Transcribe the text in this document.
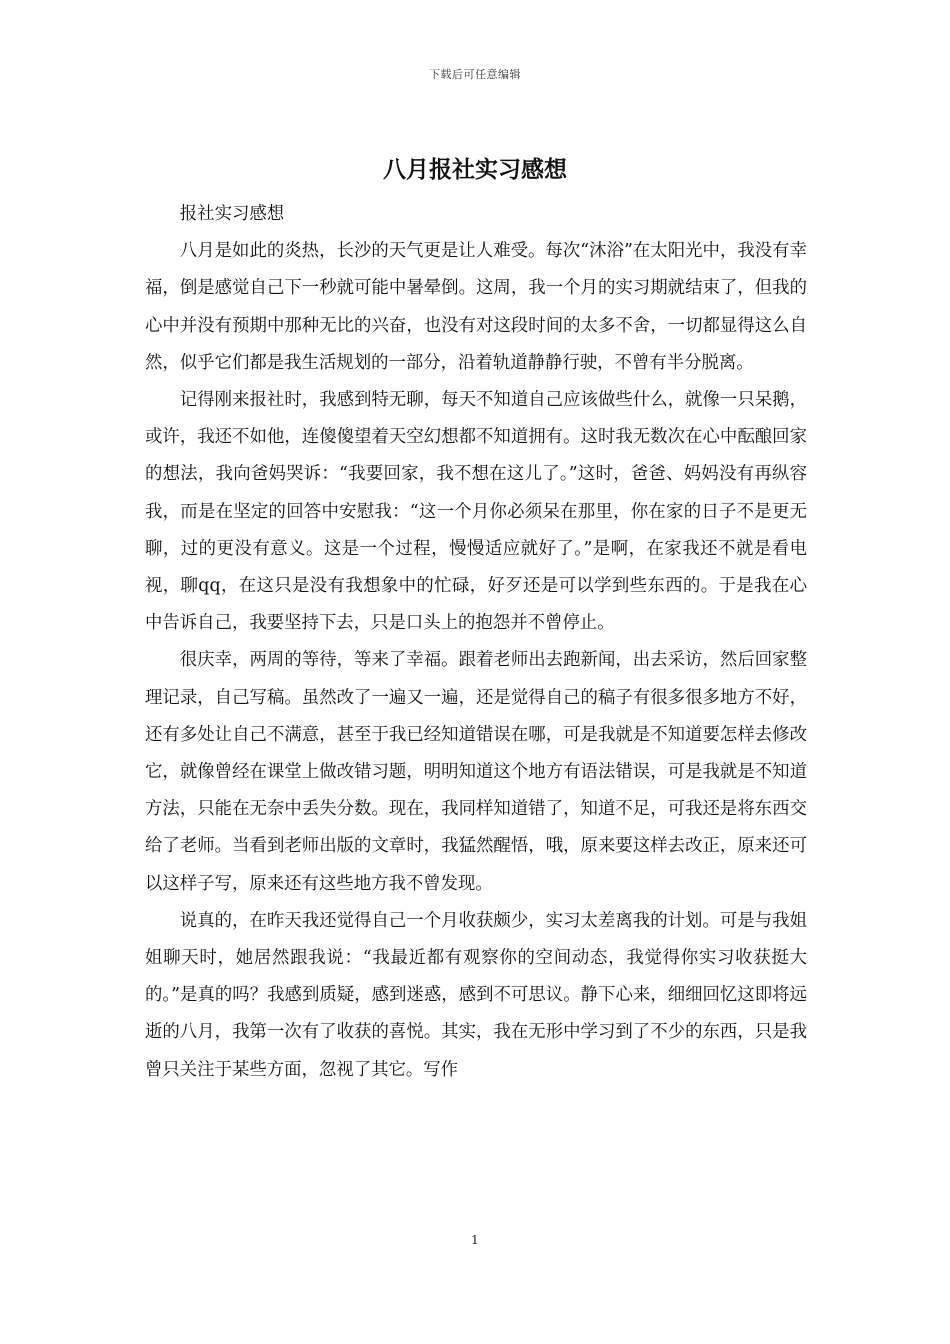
下载后可任意编辑
八月报社实习感想

报社实习感想

八月是如此的炎热，长沙的天气更是让人难受。每次“沐浴”在太阳光中，我没有幸福，倒是感觉自己下一秒就可能中暑晕倒。这周，我一个月的实习期就结束了，但我的心中并没有预期中那种无比的兴奋，也没有对这段时间的太多不舍，一切都显得这么自然，似乎它们都是我生活规划的一部分，沿着轨道静静行驶，不曾有半分脱离。

记得刚来报社时，我感到特无聊，每天不知道自己应该做些什么，就像一只呆鹅，或许，我还不如他，连傻傻望着天空幻想都不知道拥有。这时我无数次在心中酝酿回家的想法，我向爸妈哭诉：“我要回家，我不想在这儿了。”这时，爸爸、妈妈没有再纵容我，而是在坚定的回答中安慰我：“这一个月你必须呆在那里，你在家的日子不是更无聊，过的更没有意义。这是一个过程，慢慢适应就好了。”是啊，在家我还不就是看电视，聊qq，在这只是没有我想象中的忙碌，好歹还是可以学到些东西的。于是我在心中告诉自己，我要坚持下去，只是口头上的抱怨并不曾停止。

很庆幸，两周的等待，等来了幸福。跟着老师出去跑新闻，出去采访，然后回家整理记录，自己写稿。虽然改了一遍又一遍，还是觉得自己的稿子有很多很多地方不好，还有多处让自己不满意，甚至于我已经知道错误在哪，可是我就是不知道要怎样去修改它，就像曾经在课堂上做改错习题，明明知道这个地方有语法错误，可是我就是不知道方法，只能在无奈中丢失分数。现在，我同样知道错了，知道不足，可我还是将东西交给了老师。当看到老师出版的文章时，我猛然醒悟，哦，原来要这样去改正，原来还可以这样子写，原来还有这些地方我不曾发现。

说真的，在昨天我还觉得自己一个月收获颇少，实习太差离我的计划。可是与我姐姐聊天时，她居然跟我说：“我最近都有观察你的空间动态，我觉得你实习收获挺大的。”是真的吗？我感到质疑，感到迷惑，感到不可思议。静下心来，细细回忆这即将远逝的八月，我第一次有了收获的喜悦。其实，我在无形中学习到了不少的东西，只是我曾只关注于某些方面，忽视了其它。写作

1
